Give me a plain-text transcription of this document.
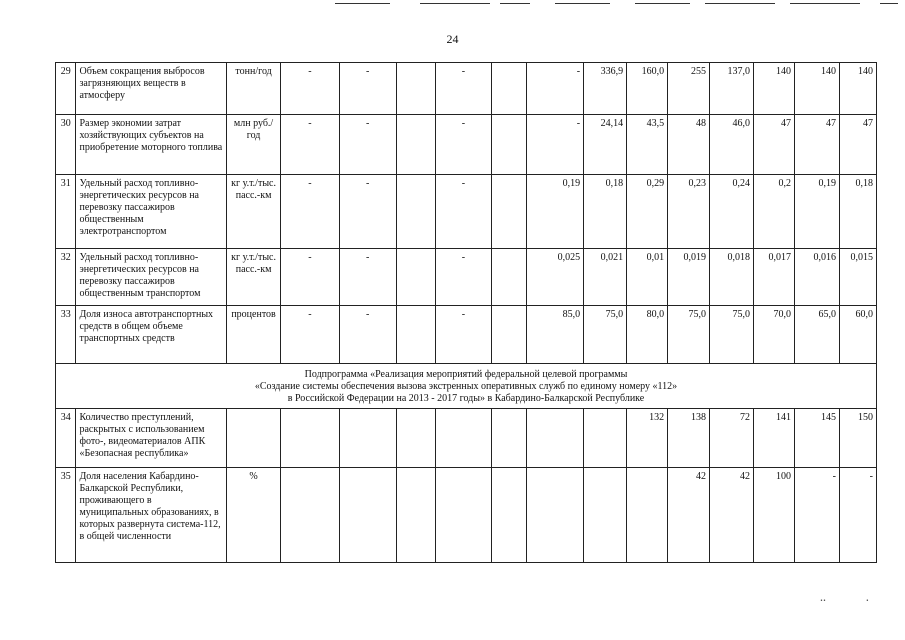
24
29	Объем сокращения выбросов загрязняющих веществ в атмосферу	тонн/год	-	-		-		-	336,9	160,0	255	137,0	140	140	140
30	Размер экономии затрат хозяйствующих субъектов на приобретение моторного топлива	млн руб./год	-	-		-		-	24,14	43,5	48	46,0	47	47	47
31	Удельный расход топливно-энергетических ресурсов на перевозку пассажиров общественным электротранспортом	кг у.т./тыс. пасс.-км	-	-		-		0,19	0,18	0,29	0,23	0,24	0,2	0,19	0,18
32	Удельный расход топливно-энергетических ресурсов на перевозку пассажиров общественным транспортом	кг у.т./тыс. пасс.-км	-	-		-		0,025	0,021	0,01	0,019	0,018	0,017	0,016	0,015
33	Доля износа автотранспортных средств в общем объеме транспортных средств	процентов	-	-		-		85,0	75,0	80,0	75,0	75,0	70,0	65,0	60,0

Подпрограмма «Реализация мероприятий федеральной целевой программы
«Создание системы обеспечения вызова экстренных оперативных служб по единому номеру «112»
в Российской Федерации на 2013 - 2017 годы» в Кабардино-Балкарской Республике															

34	Количество преступлений, раскрытых с использованием фото-, видеоматериалов АПК «Безопасная республика»									132	138	72	141	145	150
35	Доля населения Кабардино-Балкарской Республики, проживающего в муниципальных образованиях, в которых развернута система-112, в общей численности	%									42	42	100	-	-
••	•
